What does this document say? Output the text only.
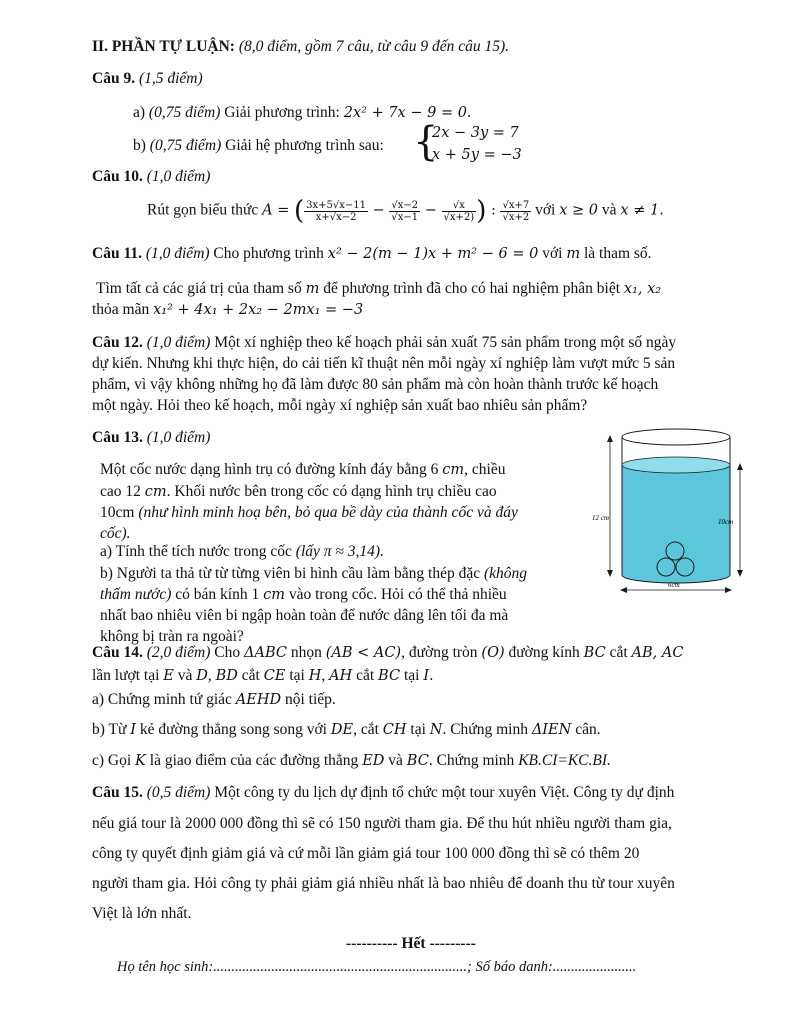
II. PHẦN TỰ LUẬN: (8,0 điểm, gồm 7 câu, từ câu 9 đến câu 15).
Câu 9. (1,5 điểm)
a) (0,75 điểm) Giải phương trình: 2x² + 7x − 9 = 0.
b) (0,75 điểm) Giải hệ phương trình sau: {
2x − 3y = 7
x + 5y = −3
Câu 10. (1,0 điểm)
Rút gọn biểu thức A = ( $\frac{3x+5√x-11}{x+√x-2} - \frac{√x-2}{√x-1} - \frac{√x}{√x+2)}$ ) : $\frac{√x+7}{√x+2}$ với x ≥ 0 và x ≠ 1.
Câu 11. (1,0 điểm) Cho phương trình x² − 2(m − 1)x + m² − 6 = 0 với m là tham số.
Tìm tất cả các giá trị của tham số m để phương trình đã cho có hai nghiệm phân biệt x₁, x₂
thỏa mãn x₁² + 4x₁ + 2x₂ − 2mx₁ = −3
Câu 12. (1,0 điểm) Một xí nghiệp theo kế hoạch phải sản xuất 75 sản phẩm trong một số ngày
dự kiến. Nhưng khi thực hiện, do cải tiến kĩ thuật nên mỗi ngày xí nghiệp làm vượt mức 5 sản
phẩm, vì vậy không những họ đã làm được 80 sản phẩm mà còn hoàn thành trước kế hoạch
một ngày. Hỏi theo kế hoạch, mỗi ngày xí nghiệp sản xuất bao nhiêu sản phẩm?
Câu 13. (1,0 điểm)
Một cốc nước dạng hình trụ có đường kính đáy bằng 6 cm, chiều
cao 12 cm. Khối nước bên trong cốc có dạng hình trụ chiều cao
10cm (như hình minh hoạ bên, bỏ qua bề dày của thành cốc và đáy
cốc).
a) Tính thể tích nước trong cốc (lấy π ≈ 3,14).
b) Người ta thả từ từ từng viên bi hình cầu làm bằng thép đặc (không
thấm nước) có bán kính 1 cm vào trong cốc. Hỏi có thể thả nhiều
nhất bao nhiêu viên bi ngập hoàn toàn để nước dâng lên tối đa mà
không bị tràn ra ngoài?
12 cm	10cm
6cm
Câu 14. (2,0 điểm) Cho ΔABC nhọn (AB < AC), đường tròn (O) đường kính BC cắt AB, AC
lần lượt tại E và D, BD cắt CE tại H, AH cắt BC tại I.
a) Chứng minh tứ giác AEHD nội tiếp.
b) Từ I kẻ đường thẳng song song với DE, cắt CH tại N. Chứng minh ΔIEN cân.
c) Gọi K là giao điểm của các đường thẳng ED và BC. Chứng minh KB.CI=KC.BI.
Câu 15. (0,5 điểm) Một công ty du lịch dự định tổ chức một tour xuyên Việt. Công ty dự định
nếu giá tour là 2000 000 đồng thì sẽ có 150 người tham gia. Để thu hút nhiều người tham gia,
công ty quyết định giảm giá và cứ mỗi lần giảm giá tour 100 000 đồng thì sẽ có thêm 20
người tham gia. Hỏi công ty phải giảm giá nhiều nhất là bao nhiêu để doanh thu từ tour xuyên
Việt là lớn nhất.
---------- Hết ---------
Họ tên học sinh:......................................................................; Số báo danh:.......................
